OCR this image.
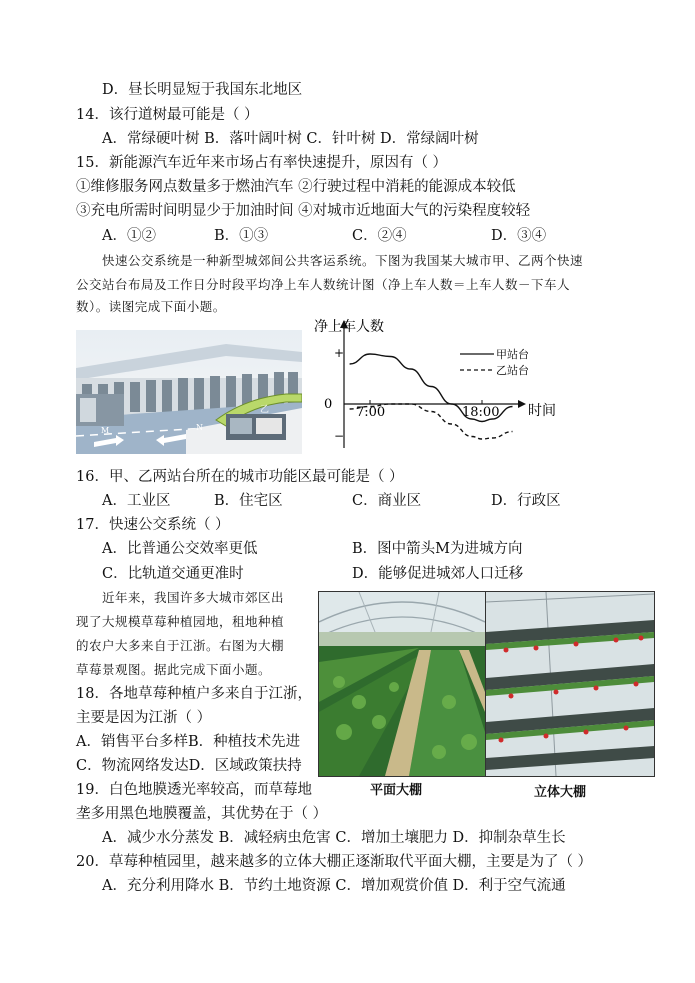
D．昼长明显短于我国东北地区
14．该行道树最可能是（ ）
A．常绿硬叶树 B．落叶阔叶树 C．针叶树 D．常绿阔叶树
15．新能源汽车近年来市场占有率快速提升，原因有（ ）
①维修服务网点数量多于燃油汽车 ②行驶过程中消耗的能源成本较低
③充电所需时间明显少于加油时间 ④对城市近地面大气的污染程度较轻
A．①②	B．①③	C．②④	D．③④
快速公交系统是一种新型城郊间公共客运系统。下图为我国某大城市甲、乙两个快速
公交站台布局及工作日分时段平均净上车人数统计图（净上车人数＝上车人数－下车人
数）。读图完成下面小题。
M	N
乙
净上车人数
时间
+
0
−
7:00	18:00
甲站台
乙站台
16．甲、乙两站台所在的城市功能区最可能是（ ）
A．工业区	B．住宅区	C．商业区	D．行政区
17．快速公交系统（ ）
A．比普通公交效率更低	B．图中箭头M为进城方向
C．比轨道交通更准时	D．能够促进城郊人口迁移
近年来，我国许多大城市郊区出
现了大规模草莓种植园地，租地种植
的农户大多来自于江浙。右图为大棚
草莓景观图。据此完成下面小题。
18．各地草莓种植户多来自于江浙，
主要是因为江浙（ ）
A．销售平台多样B．种植技术先进
C．物流网络发达D．区域政策扶持
19．白色地膜透光率较高，而草莓地
垄多用黑色地膜覆盖，其优势在于（ ）
A．减少水分蒸发 B．减轻病虫危害 C．增加土壤肥力 D．抑制杂草生长
20．草莓种植园里，越来越多的立体大棚正逐渐取代平面大棚，主要是为了（ ）
A．充分利用降水 B．节约土地资源 C．增加观赏价值 D．利于空气流通
平面大棚	立体大棚
